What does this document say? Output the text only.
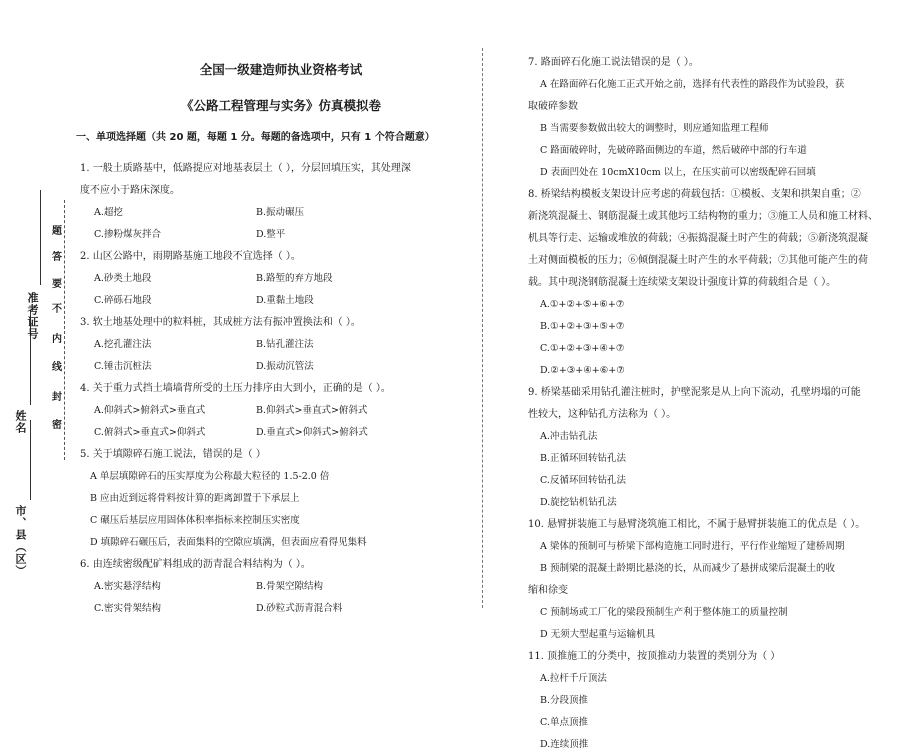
市、县（区）
姓名
准考证号
题
答
要
不
内
线
封
密
全国一级建造师执业资格考试
《公路工程管理与实务》仿真模拟卷
一、单项选择题（共 20 题，每题 1 分。每题的备选项中，只有 1 个符合题意）
1. 一般土质路基中，低路提应对地基表层土（ ），分层回填压实，其处理深
度不应小于路床深度。
A.超挖	B.振动碾压
C.掺粉煤灰拌合	D.整平
2. 山区公路中，雨期路基施工地段不宜选择（ ）。
A.砂类土地段	B.路堑的弃方地段
C.碎砾石地段	D.重黏土地段
3. 软土地基处理中的粒料桩，其成桩方法有振冲置换法和（ ）。
A.挖孔灌注法	B.钻孔灌注法
C.锤击沉桩法	D.振动沉管法
4. 关于重力式挡土墙墙背所受的土压力排序由大到小，正确的是（ ）。
A.仰斜式>俯斜式>垂直式	B.仰斜式>垂直式>俯斜式
C.俯斜式>垂直式>仰斜式	D.垂直式>仰斜式>俯斜式
5. 关于填隙碎石施工说法，错误的是（ ）
A 单层填隙碎石的压实厚度为公称最大粒径的 1.5-2.0 倍
B 应由近到远将骨料按计算的距离卸置于下承层上
C 碾压后基层应用固体体积率指标来控制压实密度
D 填隙碎石碾压后，表面集料的空隙应填满，但表面应看得见集料
6. 由连续密级配矿料组成的沥青混合料结构为（ ）。
A.密实悬浮结构	B.骨架空隙结构
C.密实骨架结构	D.砂粒式沥青混合料
7. 路面碎石化施工说法错误的是（ ）。
A 在路面碎石化施工正式开始之前，选择有代表性的路段作为试验段，获
取破碎参数
B 当需要参数做出较大的调整时，则应通知监理工程师
C 路面破碎时，先破碎路面侧边的车道，然后破碎中部的行车道
D 表面凹处在 10cmX10cm 以上，在压实前可以密级配碎石回填
8. 桥梁结构模板支架设计应考虑的荷载包括：①模板、支架和拱架自重；②
新浇筑混凝土、钢筋混凝土或其他圬工结构物的重力；③施工人员和施工材料、
机具等行走、运输或堆放的荷载；④振捣混凝土时产生的荷载；⑤新浇筑混凝
土对侧面模板的压力；⑥倾倒混凝土时产生的水平荷载；⑦其他可能产生的荷
载。其中现浇钢筋混凝土连续梁支架设计强度计算的荷载组合是（ ）。
A.①+②+⑤+⑥+⑦
B.①+②+③+⑤+⑦
C.①+②+③+④+⑦
D.②+③+④+⑥+⑦
9. 桥梁基础采用钻孔灌注桩时，护壁泥浆是从上向下流动，孔壁坍塌的可能
性较大，这种钻孔方法称为（ ）。
A.冲击钻孔法
B.正循环回转钻孔法
C.反循环回转钻孔法
D.旋挖钻机钻孔法
10. 悬臂拼装施工与悬臂浇筑施工相比，不属于悬臂拼装施工的优点是（ ）。
A 梁体的预制可与桥梁下部构造施工同时进行，平行作业缩短了建桥周期
B 预制梁的混凝土龄期比悬浇的长，从而减少了悬拼成梁后混凝土的收
缩和徐变
C 预制场或工厂化的梁段预制生产利于整体施工的质量控制
D 无须大型起重与运输机具
11. 顶推施工的分类中，按顶推动力装置的类别分为（ ）
A.拉杆千斤顶法
B.分段顶推
C.单点顶推
D.连续顶推
